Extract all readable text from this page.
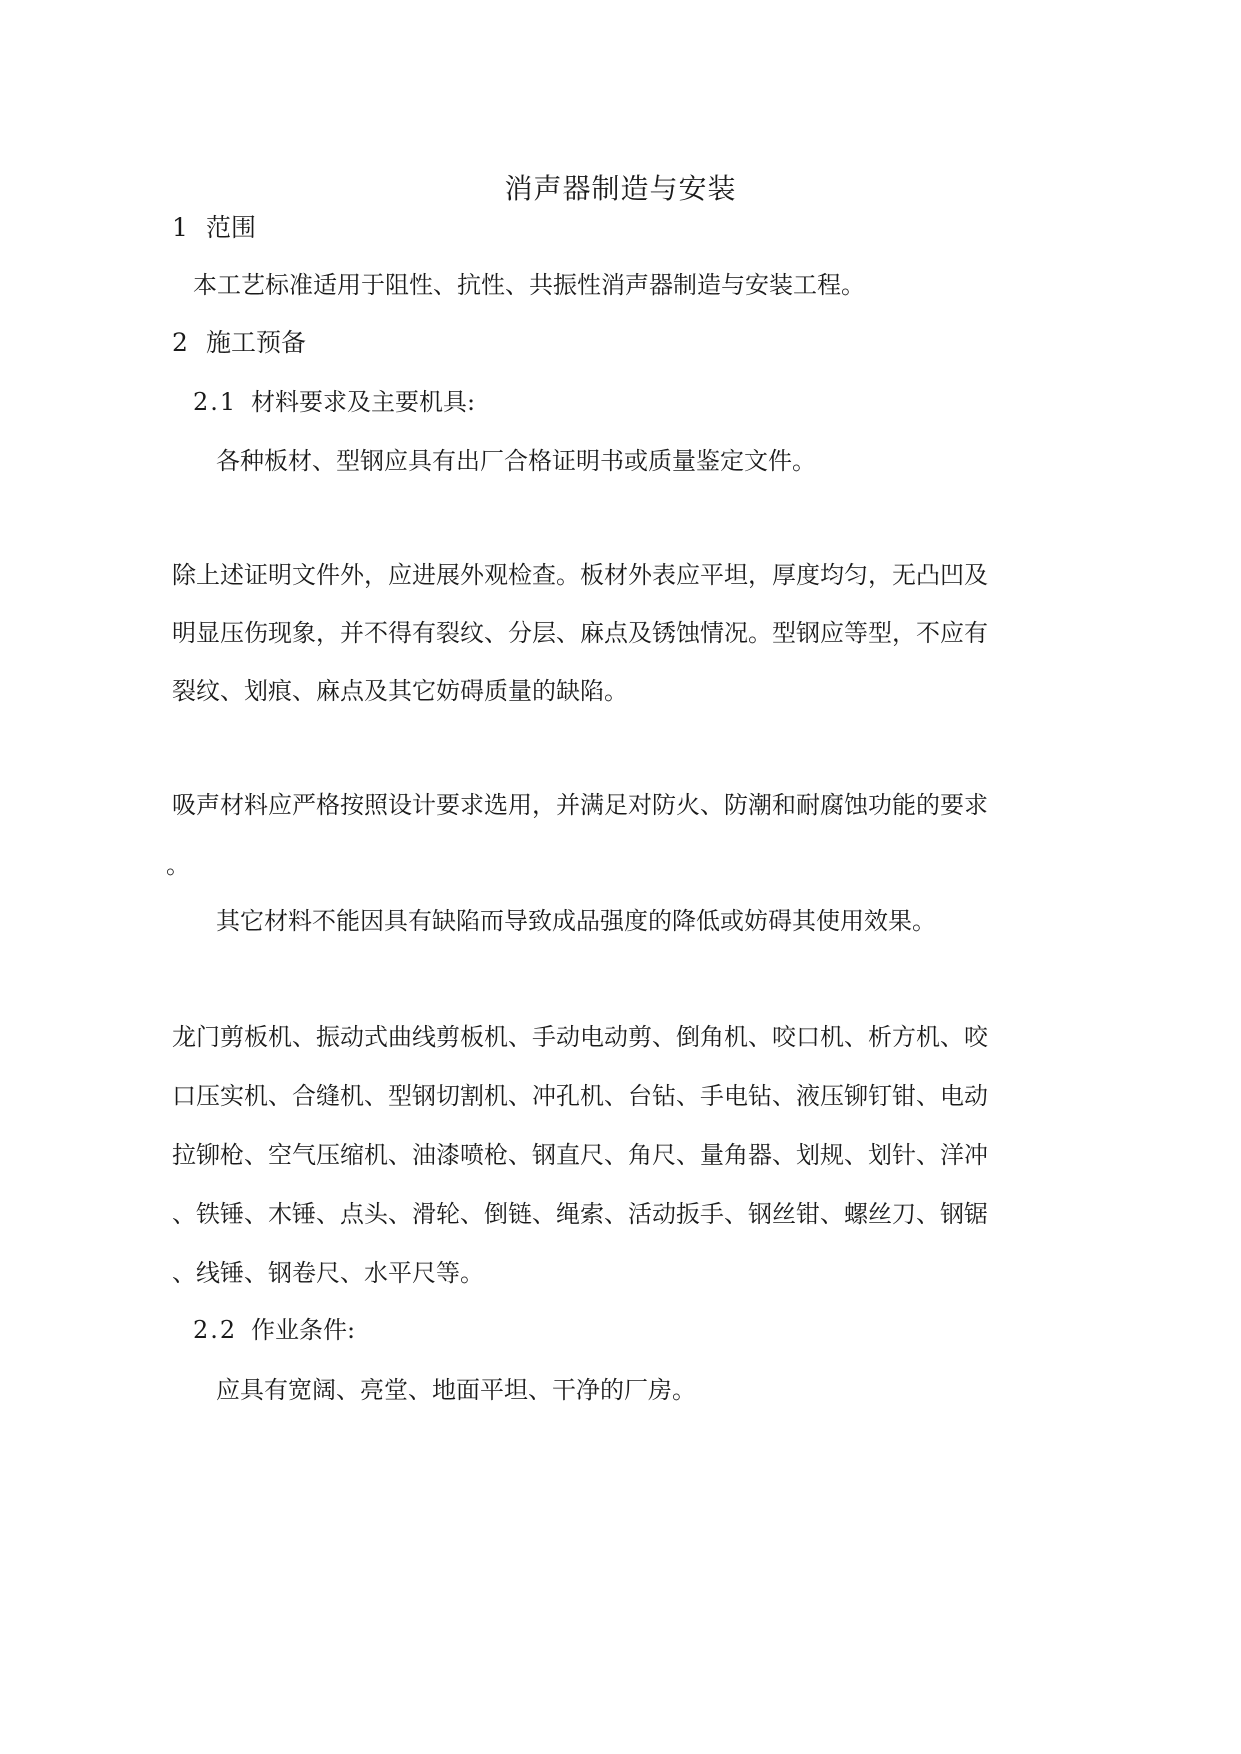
消声器制造与安装
1 范围
本工艺标准适用于阻性、抗性、共振性消声器制造与安装工程。
2 施工预备
2.1 材料要求及主要机具:
各种板材、型钢应具有出厂合格证明书或质量鉴定文件。
除上述证明文件外，应进展外观检查。板材外表应平坦，厚度均匀，无凸凹及
明显压伤现象，并不得有裂纹、分层、麻点及锈蚀情况。型钢应等型，不应有
裂纹、划痕、麻点及其它妨碍质量的缺陷。
吸声材料应严格按照设计要求选用，并满足对防火、防潮和耐腐蚀功能的要求
。
其它材料不能因具有缺陷而导致成品强度的降低或妨碍其使用效果。
龙门剪板机、振动式曲线剪板机、手动电动剪、倒角机、咬口机、析方机、咬
口压实机、合缝机、型钢切割机、冲孔机、台钻、手电钻、液压铆钉钳、电动
拉铆枪、空气压缩机、油漆喷枪、钢直尺、角尺、量角器、划规、划针、洋冲
、铁锤、木锤、点头、滑轮、倒链、绳索、活动扳手、钢丝钳、螺丝刀、钢锯
、线锤、钢卷尺、水平尺等。
2.2 作业条件:
应具有宽阔、亮堂、地面平坦、干净的厂房。
